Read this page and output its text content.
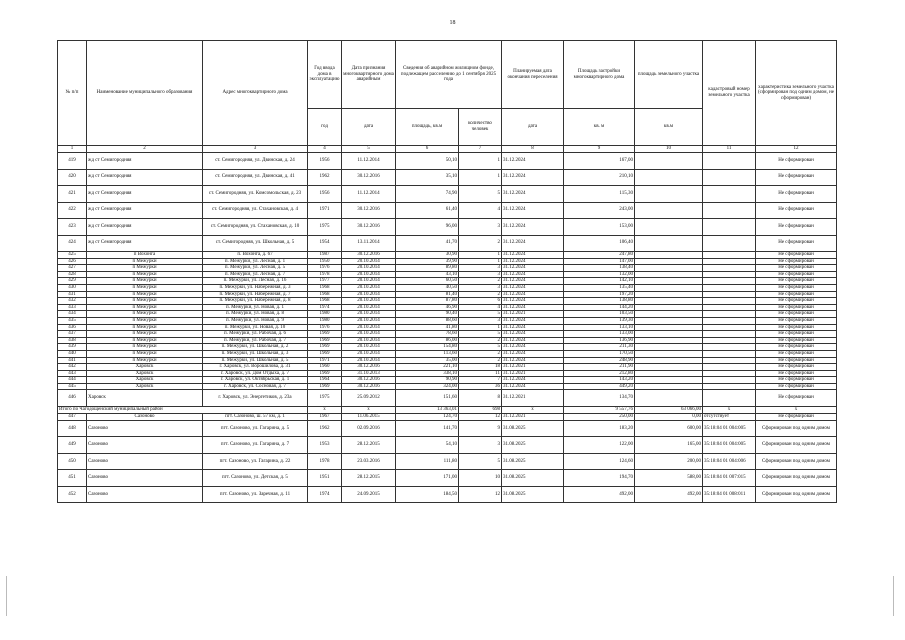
18
№ п/п	Наименование муниципального образования	Адрес многоквартирного дома	Год ввода дома в эксплуатацию	Дата признания многоквартирного дома аварийным	Сведения об аварийном жилищном фонде, подлежащем расселению до 1 сентября 2025 года		Планируемая дата окончания переселения	Площадь застройки многоквартирного дома	площадь земельного участка	кадастровый номер земельного участка	характеристика земельного участка (сформирован под одним домом, не сформирован)
			год	дата	площадь, кв.м	количество человек	дата	кв. м	кв.м		
1	2	3	4	5	6	7	8	9	10	11	12
419	жд ст Семигородняя	ст. Семигородняя, ул. Двинская, д. 24	1956	11.12.2014	50,10	1	31.12.2024	167,00			Не сформирован
420	жд ст Семигородняя	ст. Семигородняя, ул. Двинская, д. 41	1962	30.12.2016	35,10	1	31.12.2024	210,10			Не сформирован
421	жд ст Семигородняя	ст. Семигородняя, ул. Комсомольская, д. 23	1956	11.12.2014	74,90	5	31.12.2024	115,30			Не сформирован
422	жд ст Семигородняя	ст. Семигородняя, ул. Стахановская, д. 4	1971	30.12.2016	61,40	4	31.12.2024	243,00			Не сформирован
423	жд ст Семигородняя	ст. Семигородняя, ул. Стахановская, д. 10	1975	30.12.2016	96,00	3	31.12.2024	153,00			Не сформирован
424	жд ст Семигородняя	ст. Семигородняя, ул. Школьная, д. 5	1954	13.11.2014	41,70	2	31.12.2024	106,40			Не сформирован
425	п Вохонга	п. Вохонга, д. 67	1987	30.12.2016	30,90	1	31.12.2024	247,80			Не сформирован
426	п Межурки	п. Межурки, ул. Лесная, д. 1	1950	20.10.2014	39,90	1	31.12.2024	147,00			Не сформирован
427	п Межурки	п. Межурки, ул. Лесная, д. 5	1976	20.10.2014	89,80	3	31.12.2024	138,40			Не сформирован
428	п Межурки	п. Межурки, ул. Лесная, д. 7	1978	20.10.2014	43,10	3	31.12.2024	132,00			Не сформирован
429	п Межурки	п. Межурки, ул. Лесная, д. 16	1977	20.10.2014	60,50	2	31.12.2024	142,10			Не сформирован
430	п Межурки	п. Межурки, ул. Набережная, д. 3	1968	20.10.2014	40,50	3	31.12.2024	135,40			Не сформирован
431	п Межурки	п. Межурки, ул. Набережная, д. 7	1968	20.10.2014	81,40	2	31.12.2024	197,20			Не сформирован
432	п Межурки	п. Межурки, ул. Набережная, д. 8	1968	20.10.2014	87,80	6	31.12.2024	138,80			Не сформирован
433	п Межурки	п. Межурки, ул. Новая, д. 1	1974	20.10.2014	46,90	4	31.12.2024	144,20			Не сформирован
434	п Межурки	п. Межурки, ул. Новая, д. 8	1980	20.10.2014	90,40	5	31.12.2021	103,50			Не сформирован
435	п Межурки	п. Межурки, ул. Новая, д. 9	1980	20.10.2014	88,60	3	31.12.2024	139,30			Не сформирован
436	п Межурки	п. Межурки, ул. Новая, д. 10	1976	20.10.2014	41,80	1	31.12.2024	133,10			Не сформирован
437	п Межурки	п. Межурки, ул. Рабочая, д. 6	1969	20.10.2014	78,60	5	31.12.2024	133,00			Не сформирован
438	п Межурки	п. Межурки, ул. Рабочая, д. 7	1969	20.10.2014	86,00	2	31.12.2024	136,90			Не сформирован
439	п Межурки	п. Межурки, ул. Школьная, д. 2	1969	20.10.2014	154,80	5	31.12.2024	211,30			Не сформирован
440	п Межурки	п. Межурки, ул. Школьная, д. 3	1969	20.10.2014	113,60	2	31.12.2024	170,50			Не сформирован
441	п Межурки	п. Межурки, ул. Школьная, д. 5	1971	20.10.2014	35,00	2	31.12.2024	248,90			Не сформирован
442	Харовск	г. Харовск, ул. Ворошилова, д. 31	1960	30.12.2016	221,10	18	31.12.2021	211,90			Не сформирован
443	Харовск	г. Харовск, ул. Дом Отдыха, д. 7	1969	31.10.2013	338,10	11	31.12.2021	212,80			Не сформирован
444	Харовск	г. Харовск, ул. Октябрьская, д. 1	1964	30.12.2016	90,90	7	31.12.2024	143,20			Не сформирован
445	Харовск	г. Харовск, ул. Сосновая, д. 7	1969	30.12.2016	324,00	36	31.12.2024	449,20			Не сформирован
446	Харовск	г. Харовск, ул. Энергетиков, д. 23а	1975	25.09.2012	151,60	8	31.12.2021	134,70			Не сформирован
Итого по Чагодощенский муниципальный район			x	x	13 363,01	698	x	9 557,76	63 066,00	x	x
447	Сазоново	пгт. Сазоново, ш. 57 км, д. 1	1967	11.06.2015	124,70	12	31.12.2021	250,00	0,00	отсутствует	Не сформирован
448	Сазоново	пгт. Сазоново, ул. Гагарина, д. 5	1962	02.09.2016	141,70	9	31.08.2025	183,20	600,00	35:18:04 01 004:005	Сформирован под одним домом
449	Сазоново	пгт. Сазоново, ул. Гагарина, д. 7	1953	28.12.2015	54,10	3	31.08.2025	122,00	165,00	35:18:04 01 004:005	Сформирован под одним домом
450	Сазоново	пгт. Сазоново, ул. Гагарина, д. 22	1978	23.03.2016	111,80	5	31.08.2025	124,60	200,00	35:18:04 01 004:006	Сформирован под одним домом
451	Сазоново	пгт. Сазоново, ул. Детская, д. 5	1951	28.12.2015	171,00	10	31.08.2025	194,70	588,00	35:18:04 01 007:015	Сформирован под одним домом
452	Сазоново	пгт. Сазоново, ул. Заречная, д. 11	1974	24.09.2015	184,50	12	31.08.2025	492,00	492,00	35:18:04 01 008:011	Сформирован под одним домом
